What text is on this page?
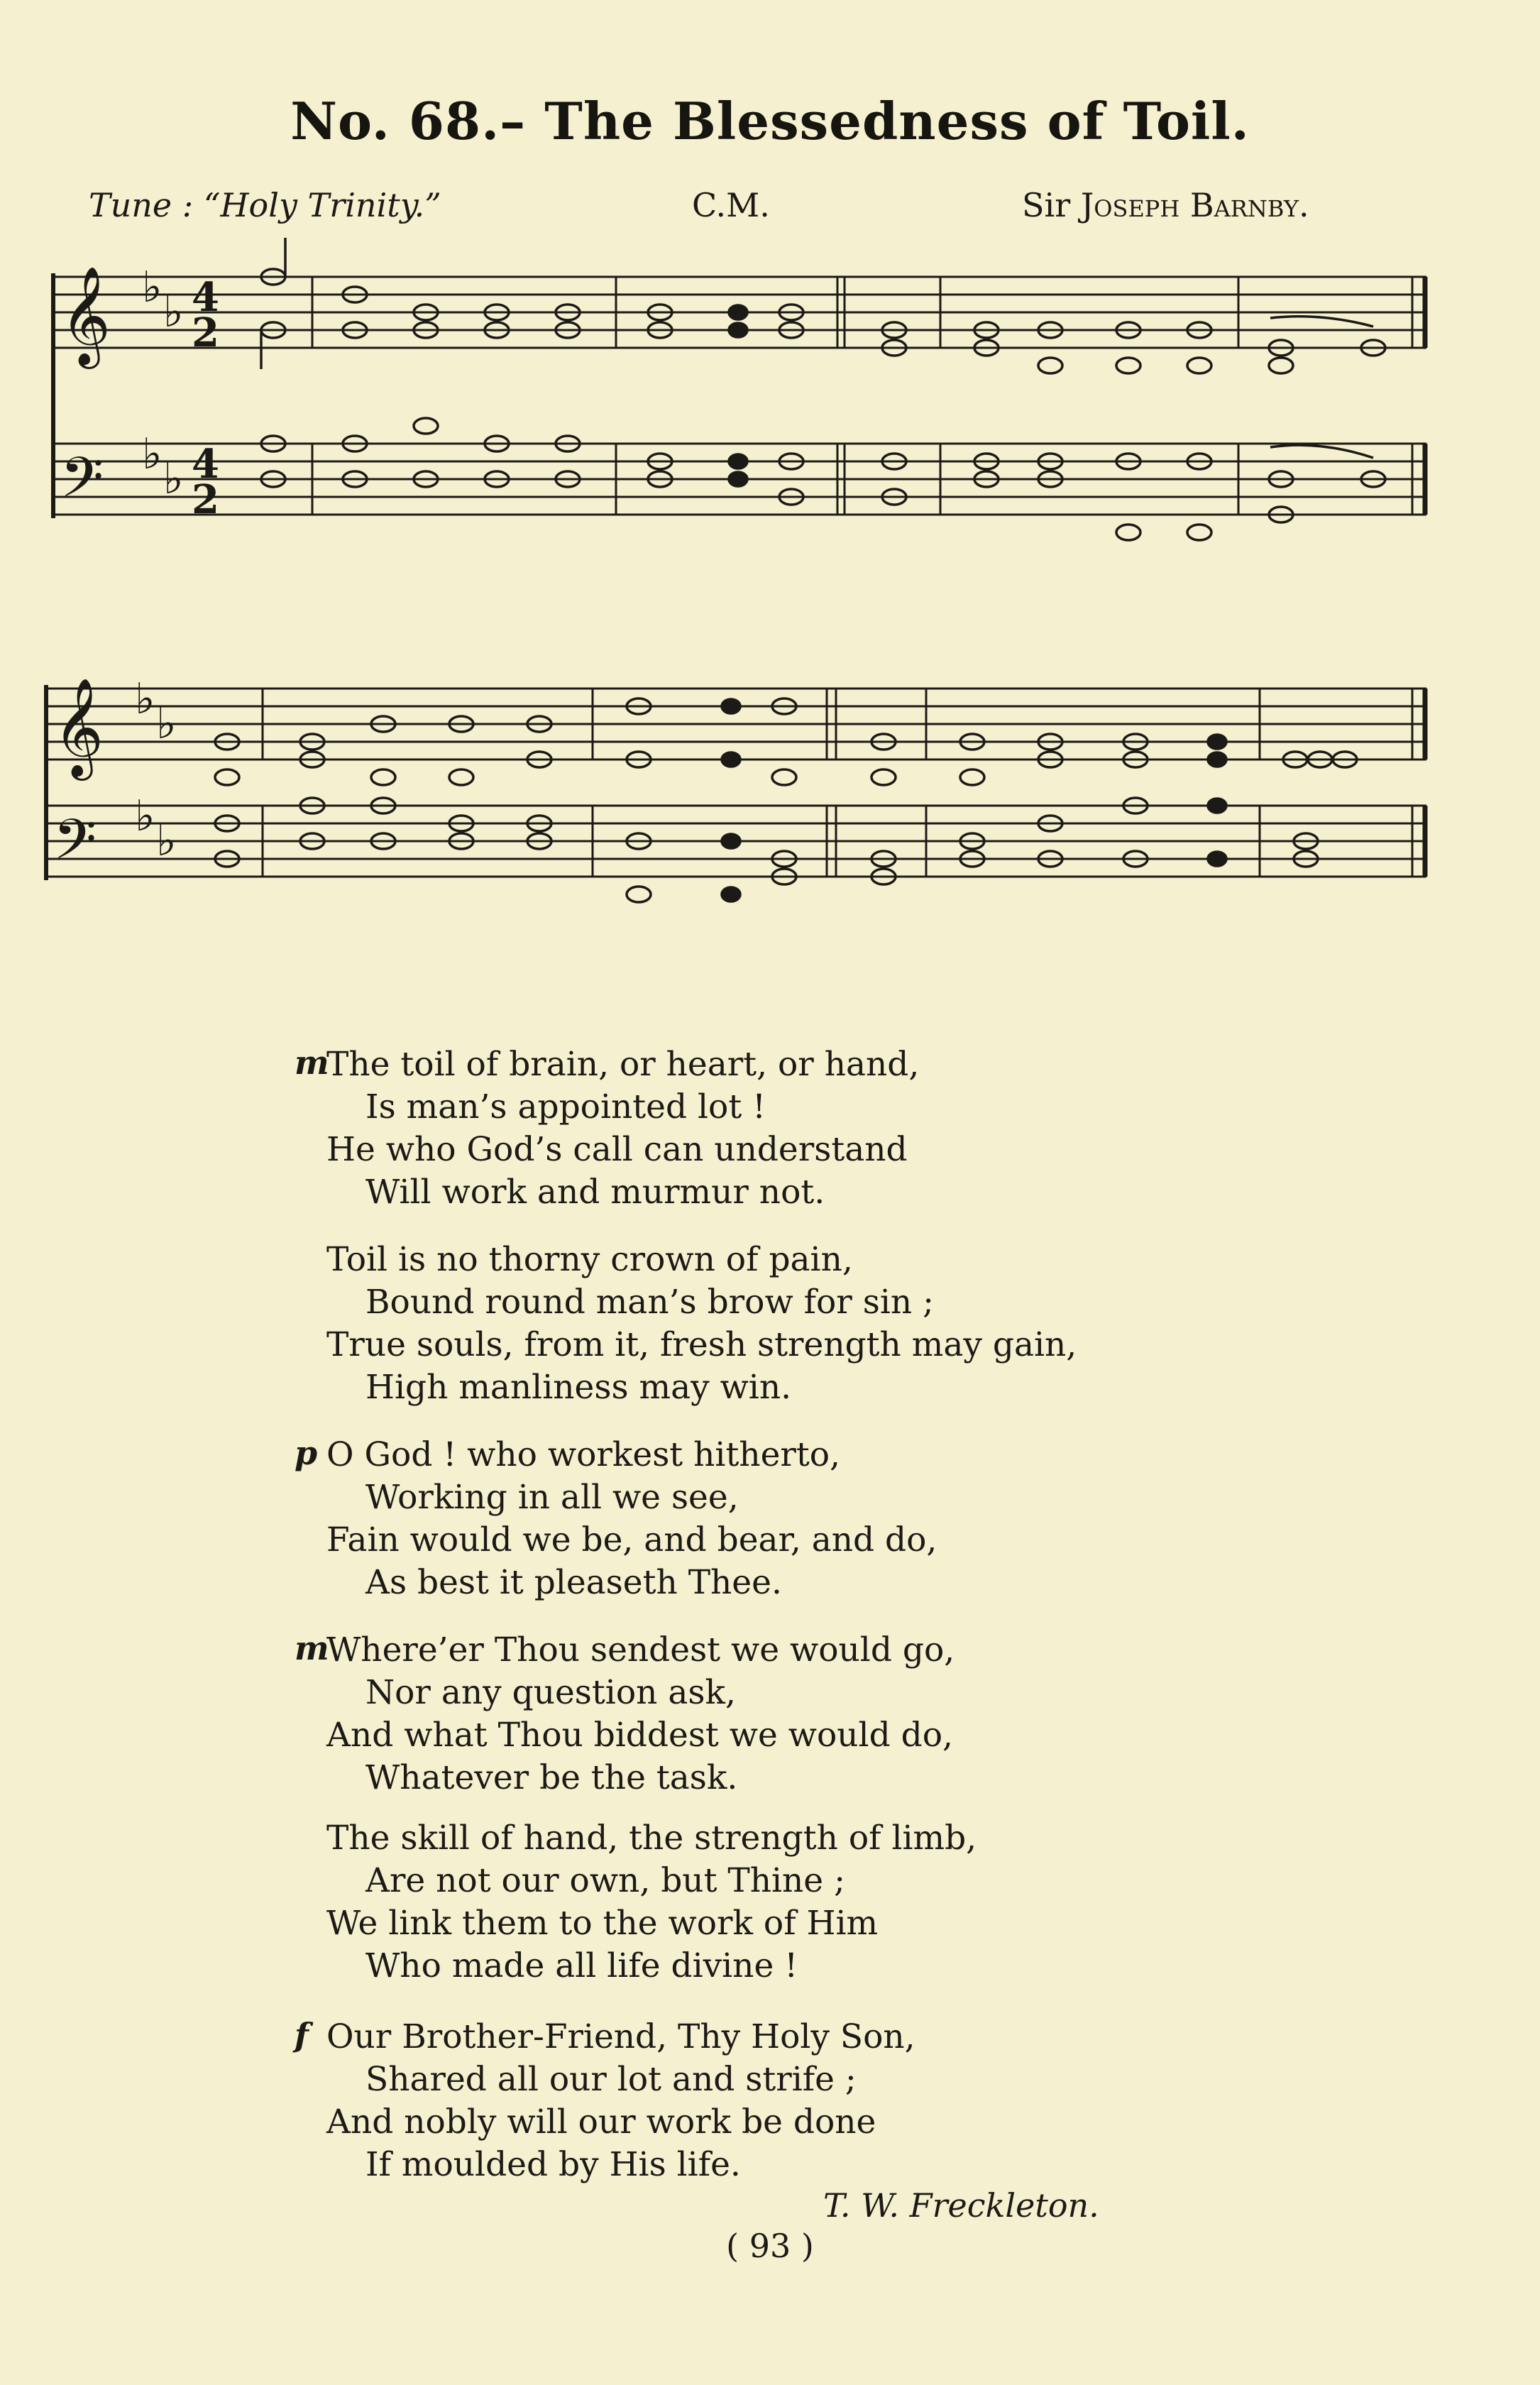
No. 68.– The Blessedness of Toil.
Tune : “Holy Trinity.”	C.M.	Sir Joseph Barnby.
𝄞
𝄢
♭ ♭
♭ ♭
4
2
4
2
𝄞
𝄢
♭ ♭
♭ ♭
m
The toil of brain, or heart, or hand,
Is man’s appointed lot !
He who God’s call can understand
Will work and murmur not.
Toil is no thorny crown of pain,
Bound round man’s brow for sin ;
True souls, from it, fresh strength may gain,
High manliness may win.
p O God ! who workest hitherto,
Working in all we see,
Fain would we be, and bear, and do,
As best it pleaseth Thee.
m
Where’er Thou sendest we would go,
Nor any question ask,
And what Thou biddest we would do,
Whatever be the task.
The skill of hand, the strength of limb,
Are not our own, but Thine ;
We link them to the work of Him
Who made all life divine !
f Our Brother-Friend, Thy Holy Son,
Shared all our lot and strife ;
And nobly will our work be done
If moulded by His life.
T. W. Freckleton.
( 93 )
